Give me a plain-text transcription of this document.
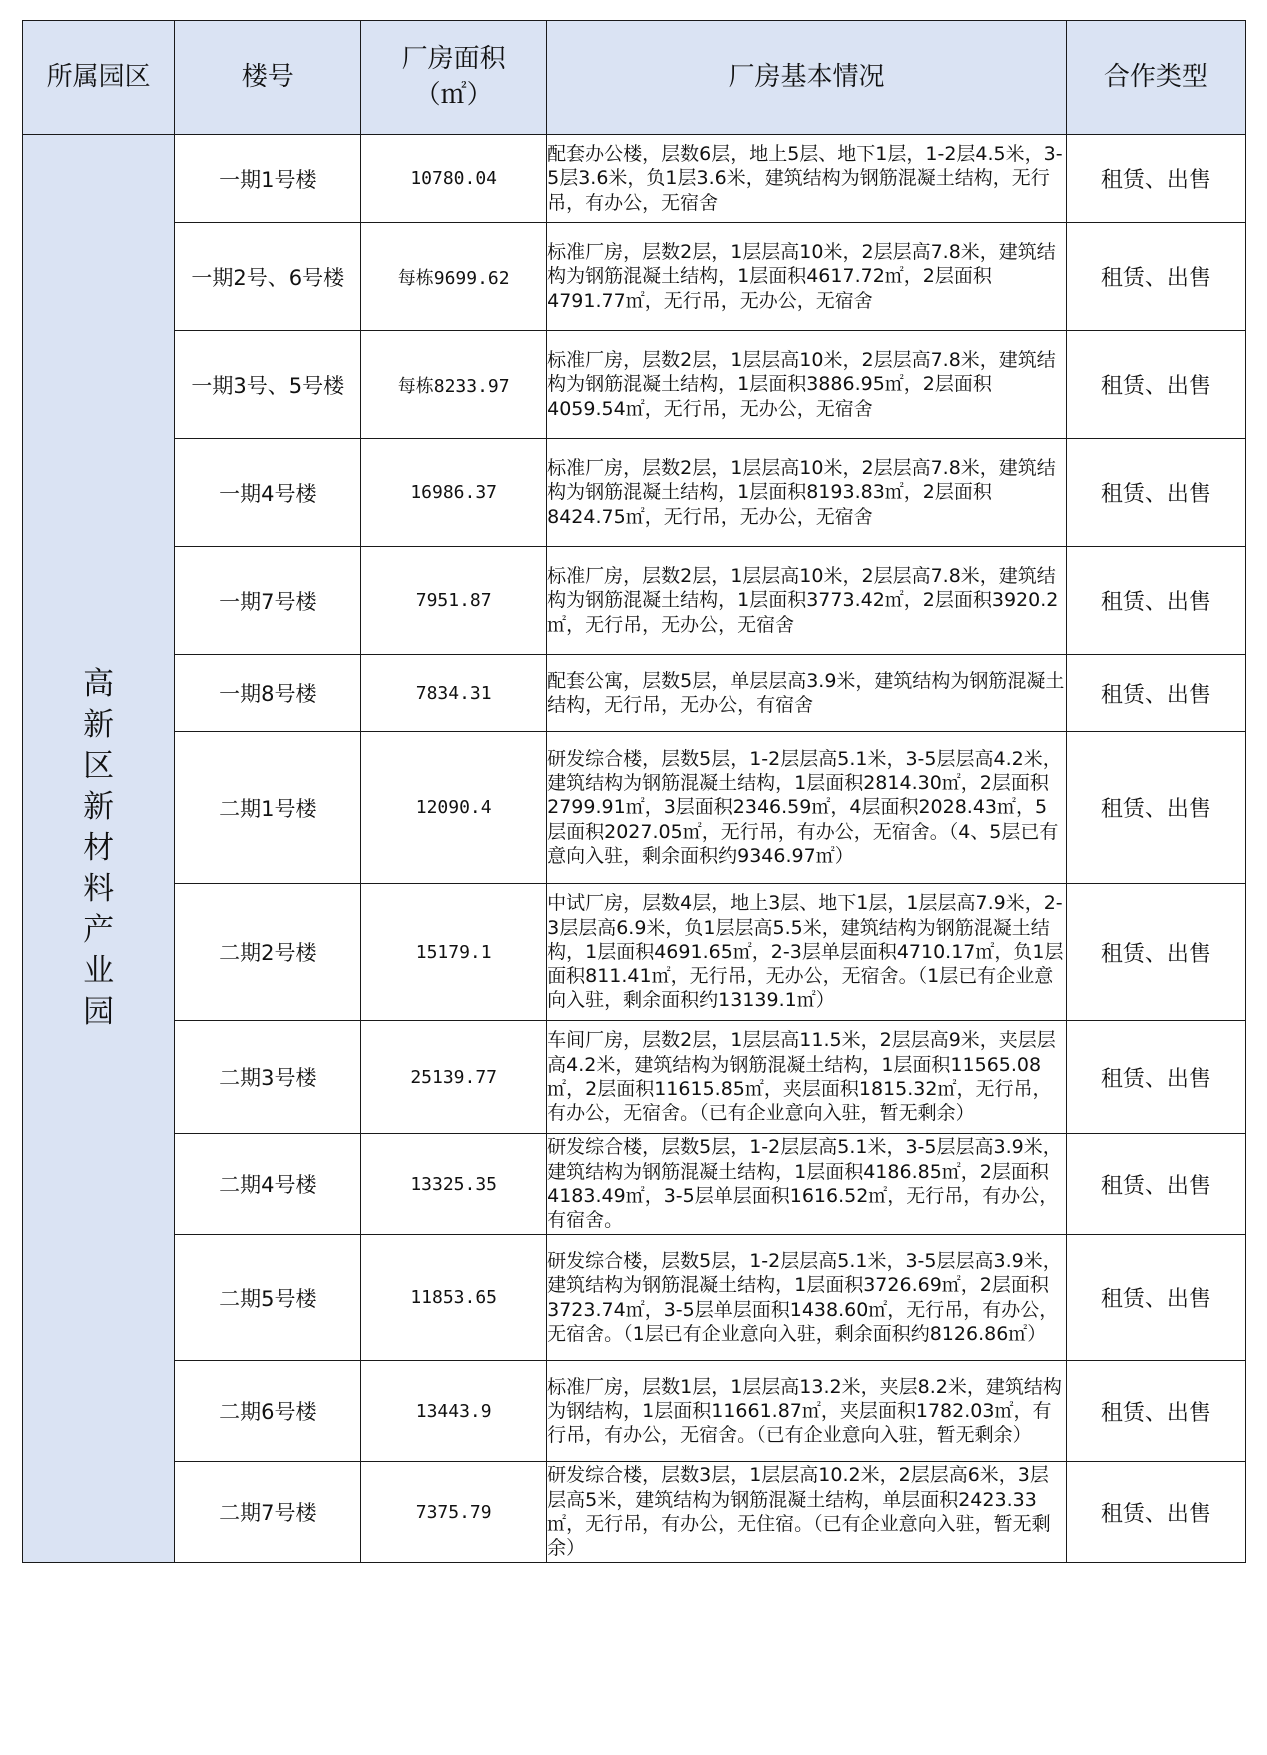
所属园区	楼号	厂房面积（㎡）	厂房基本情况	合作类型
高新区新材料产业园	一期1号楼	10780.04	配套办公楼，层数6层，地上5层、地下1层，1-2层4.5米，3-5层3.6米，负1层3.6米，建筑结构为钢筋混凝土结构，无行吊，有办公，无宿舍	租赁、出售
	一期2号、6号楼	每栋9699.62	标准厂房，层数2层，1层层高10米，2层层高7.8米，建筑结构为钢筋混凝土结构，1层面积4617.72㎡，2层面积4791.77㎡，无行吊，无办公，无宿舍	租赁、出售
	一期3号、5号楼	每栋8233.97	标准厂房，层数2层，1层层高10米，2层层高7.8米，建筑结构为钢筋混凝土结构，1层面积3886.95㎡，2层面积4059.54㎡，无行吊，无办公，无宿舍	租赁、出售
	一期4号楼	16986.37	标准厂房，层数2层，1层层高10米，2层层高7.8米，建筑结构为钢筋混凝土结构，1层面积8193.83㎡，2层面积8424.75㎡，无行吊，无办公，无宿舍	租赁、出售
	一期7号楼	7951.87	标准厂房，层数2层，1层层高10米，2层层高7.8米，建筑结构为钢筋混凝土结构，1层面积3773.42㎡，2层面积3920.2㎡，无行吊，无办公，无宿舍	租赁、出售
	一期8号楼	7834.31	配套公寓，层数5层，单层层高3.9米，建筑结构为钢筋混凝土结构，无行吊，无办公，有宿舍	租赁、出售
	二期1号楼	12090.4	研发综合楼，层数5层，1-2层层高5.1米，3-5层层高4.2米，建筑结构为钢筋混凝土结构，1层面积2814.30㎡，2层面积2799.91㎡，3层面积2346.59㎡，4层面积2028.43㎡，5层面积2027.05㎡，无行吊，有办公，无宿舍。（4、5层已有意向入驻，剩余面积约9346.97㎡）	租赁、出售
	二期2号楼	15179.1	中试厂房，层数4层，地上3层、地下1层，1层层高7.9米，2-3层层高6.9米，负1层层高5.5米，建筑结构为钢筋混凝土结构，1层面积4691.65㎡，2-3层单层面积4710.17㎡，负1层面积811.41㎡，无行吊，无办公，无宿舍。（1层已有企业意向入驻，剩余面积约13139.1㎡）	租赁、出售
	二期3号楼	25139.77	车间厂房，层数2层，1层层高11.5米，2层层高9米，夹层层高4.2米，建筑结构为钢筋混凝土结构，1层面积11565.08㎡，2层面积11615.85㎡，夹层面积1815.32㎡，无行吊，有办公，无宿舍。（已有企业意向入驻，暂无剩余）	租赁、出售
	二期4号楼	13325.35	研发综合楼，层数5层，1-2层层高5.1米，3-5层层高3.9米，建筑结构为钢筋混凝土结构，1层面积4186.85㎡，2层面积4183.49㎡，3-5层单层面积1616.52㎡，无行吊，有办公，有宿舍。	租赁、出售
	二期5号楼	11853.65	研发综合楼，层数5层，1-2层层高5.1米，3-5层层高3.9米，建筑结构为钢筋混凝土结构，1层面积3726.69㎡，2层面积3723.74㎡，3-5层单层面积1438.60㎡，无行吊，有办公，无宿舍。（1层已有企业意向入驻，剩余面积约8126.86㎡）	租赁、出售
	二期6号楼	13443.9	标准厂房，层数1层，1层层高13.2米，夹层8.2米，建筑结构为钢结构，1层面积11661.87㎡，夹层面积1782.03㎡，有行吊，有办公，无宿舍。（已有企业意向入驻，暂无剩余）	租赁、出售
	二期7号楼	7375.79	研发综合楼，层数3层，1层层高10.2米，2层层高6米，3层层高5米，建筑结构为钢筋混凝土结构，单层面积2423.33㎡，无行吊，有办公，无住宿。（已有企业意向入驻，暂无剩余）	租赁、出售
